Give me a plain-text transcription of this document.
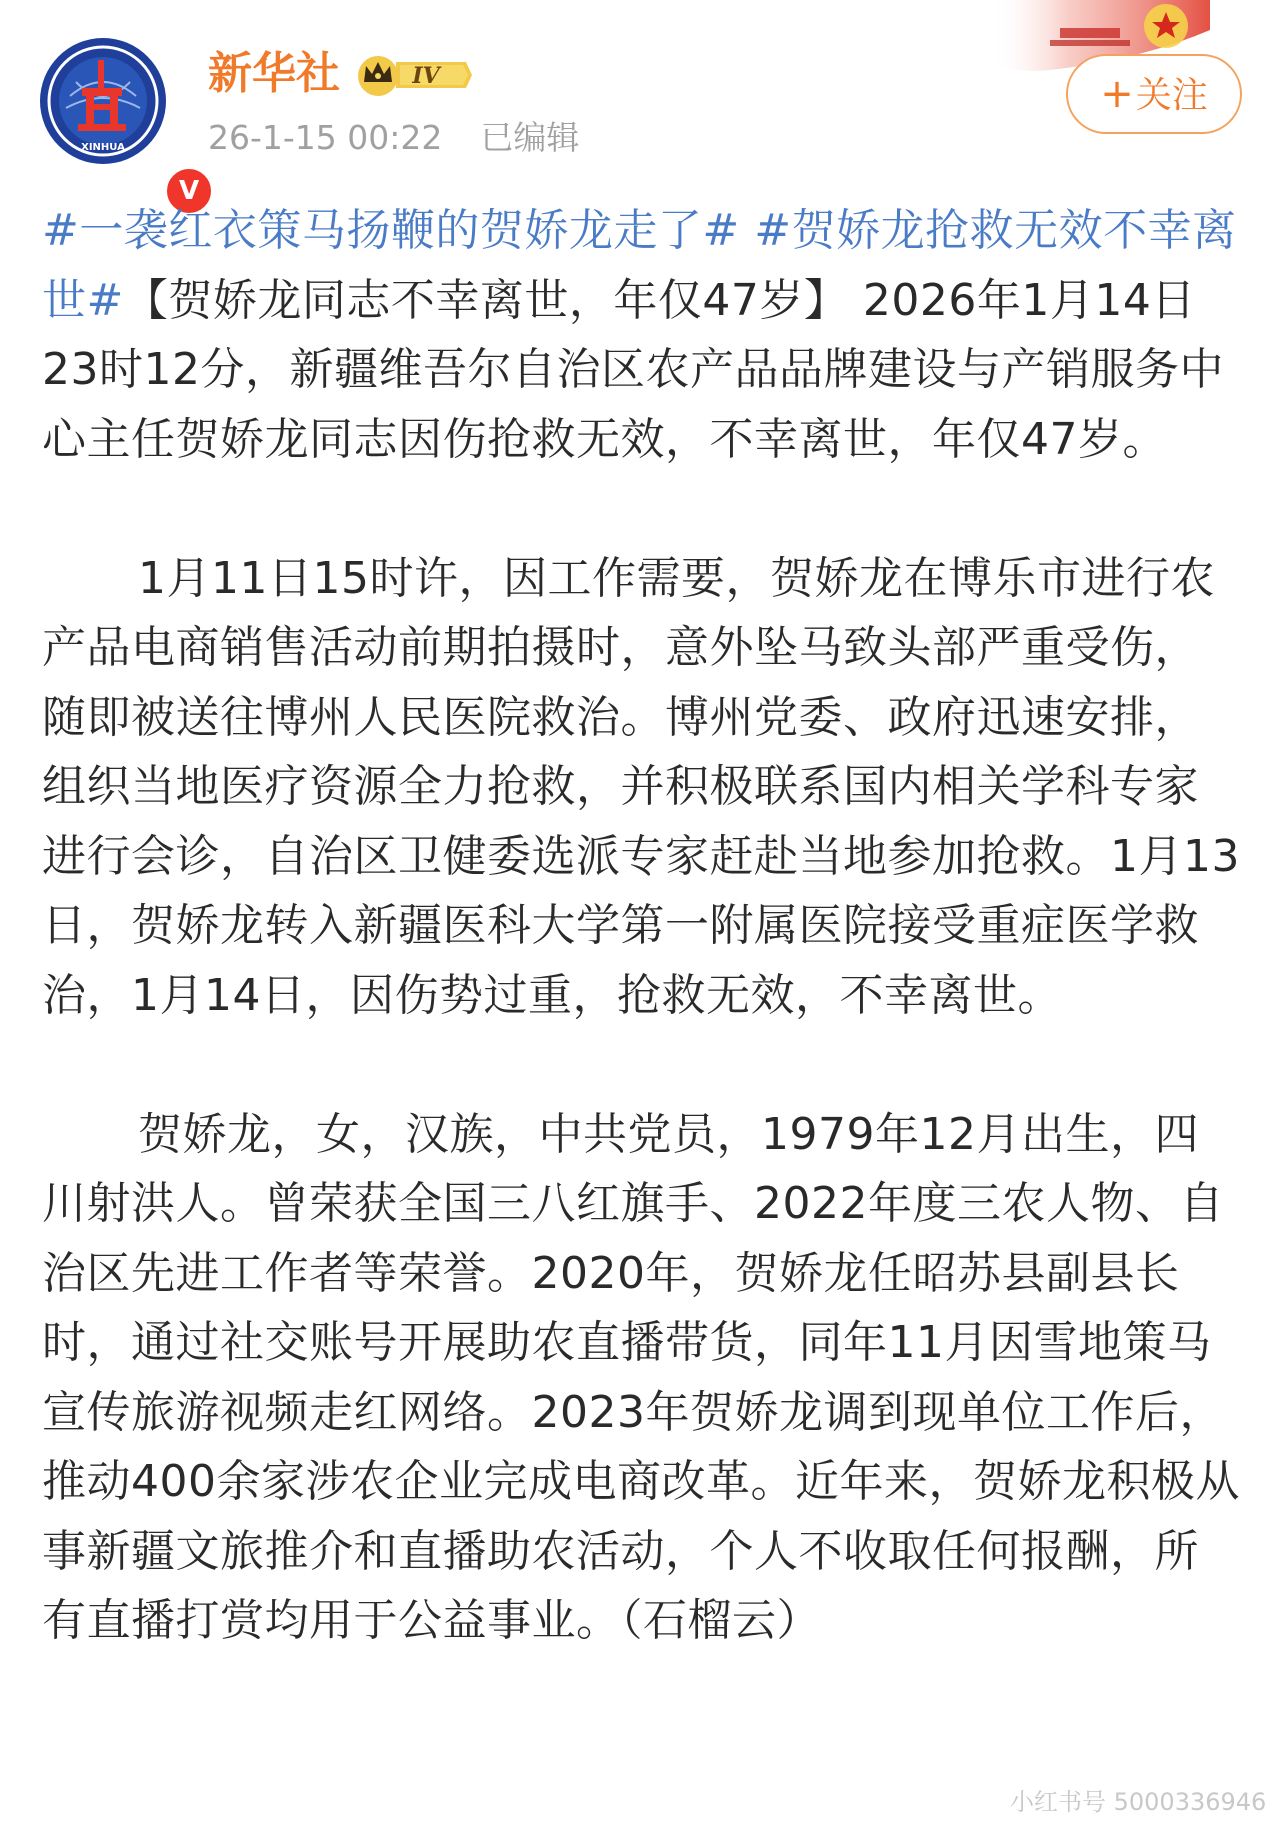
XINHUA
V
新华社	IV
26-1-15 00:22 已编辑
+关注

#一袭红衣策马扬鞭的贺娇龙走了# #贺娇龙抢救无效不幸离世#【贺娇龙同志不幸离世，年仅47岁】 2026年1月14日23时12分，新疆维吾尔自治区农产品品牌建设与产销服务中心主任贺娇龙同志因伤抢救无效，不幸离世，年仅47岁。

1月11日15时许，因工作需要，贺娇龙在博乐市进行农产品电商销售活动前期拍摄时，意外坠马致头部严重受伤，随即被送往博州人民医院救治。博州党委、政府迅速安排，组织当地医疗资源全力抢救，并积极联系国内相关学科专家进行会诊，自治区卫健委选派专家赶赴当地参加抢救。1月13日，贺娇龙转入新疆医科大学第一附属医院接受重症医学救治，1月14日，因伤势过重，抢救无效，不幸离世。

贺娇龙，女，汉族，中共党员，1979年12月出生，四川射洪人。曾荣获全国三八红旗手、2022年度三农人物、自治区先进工作者等荣誉。2020年，贺娇龙任昭苏县副县长时，通过社交账号开展助农直播带货，同年11月因雪地策马宣传旅游视频走红网络。2023年贺娇龙调到现单位工作后，推动400余家涉农企业完成电商改革。近年来，贺娇龙积极从事新疆文旅推介和直播助农活动，个人不收取任何报酬，所有直播打赏均用于公益事业。（石榴云）

小红书号 5000336946
